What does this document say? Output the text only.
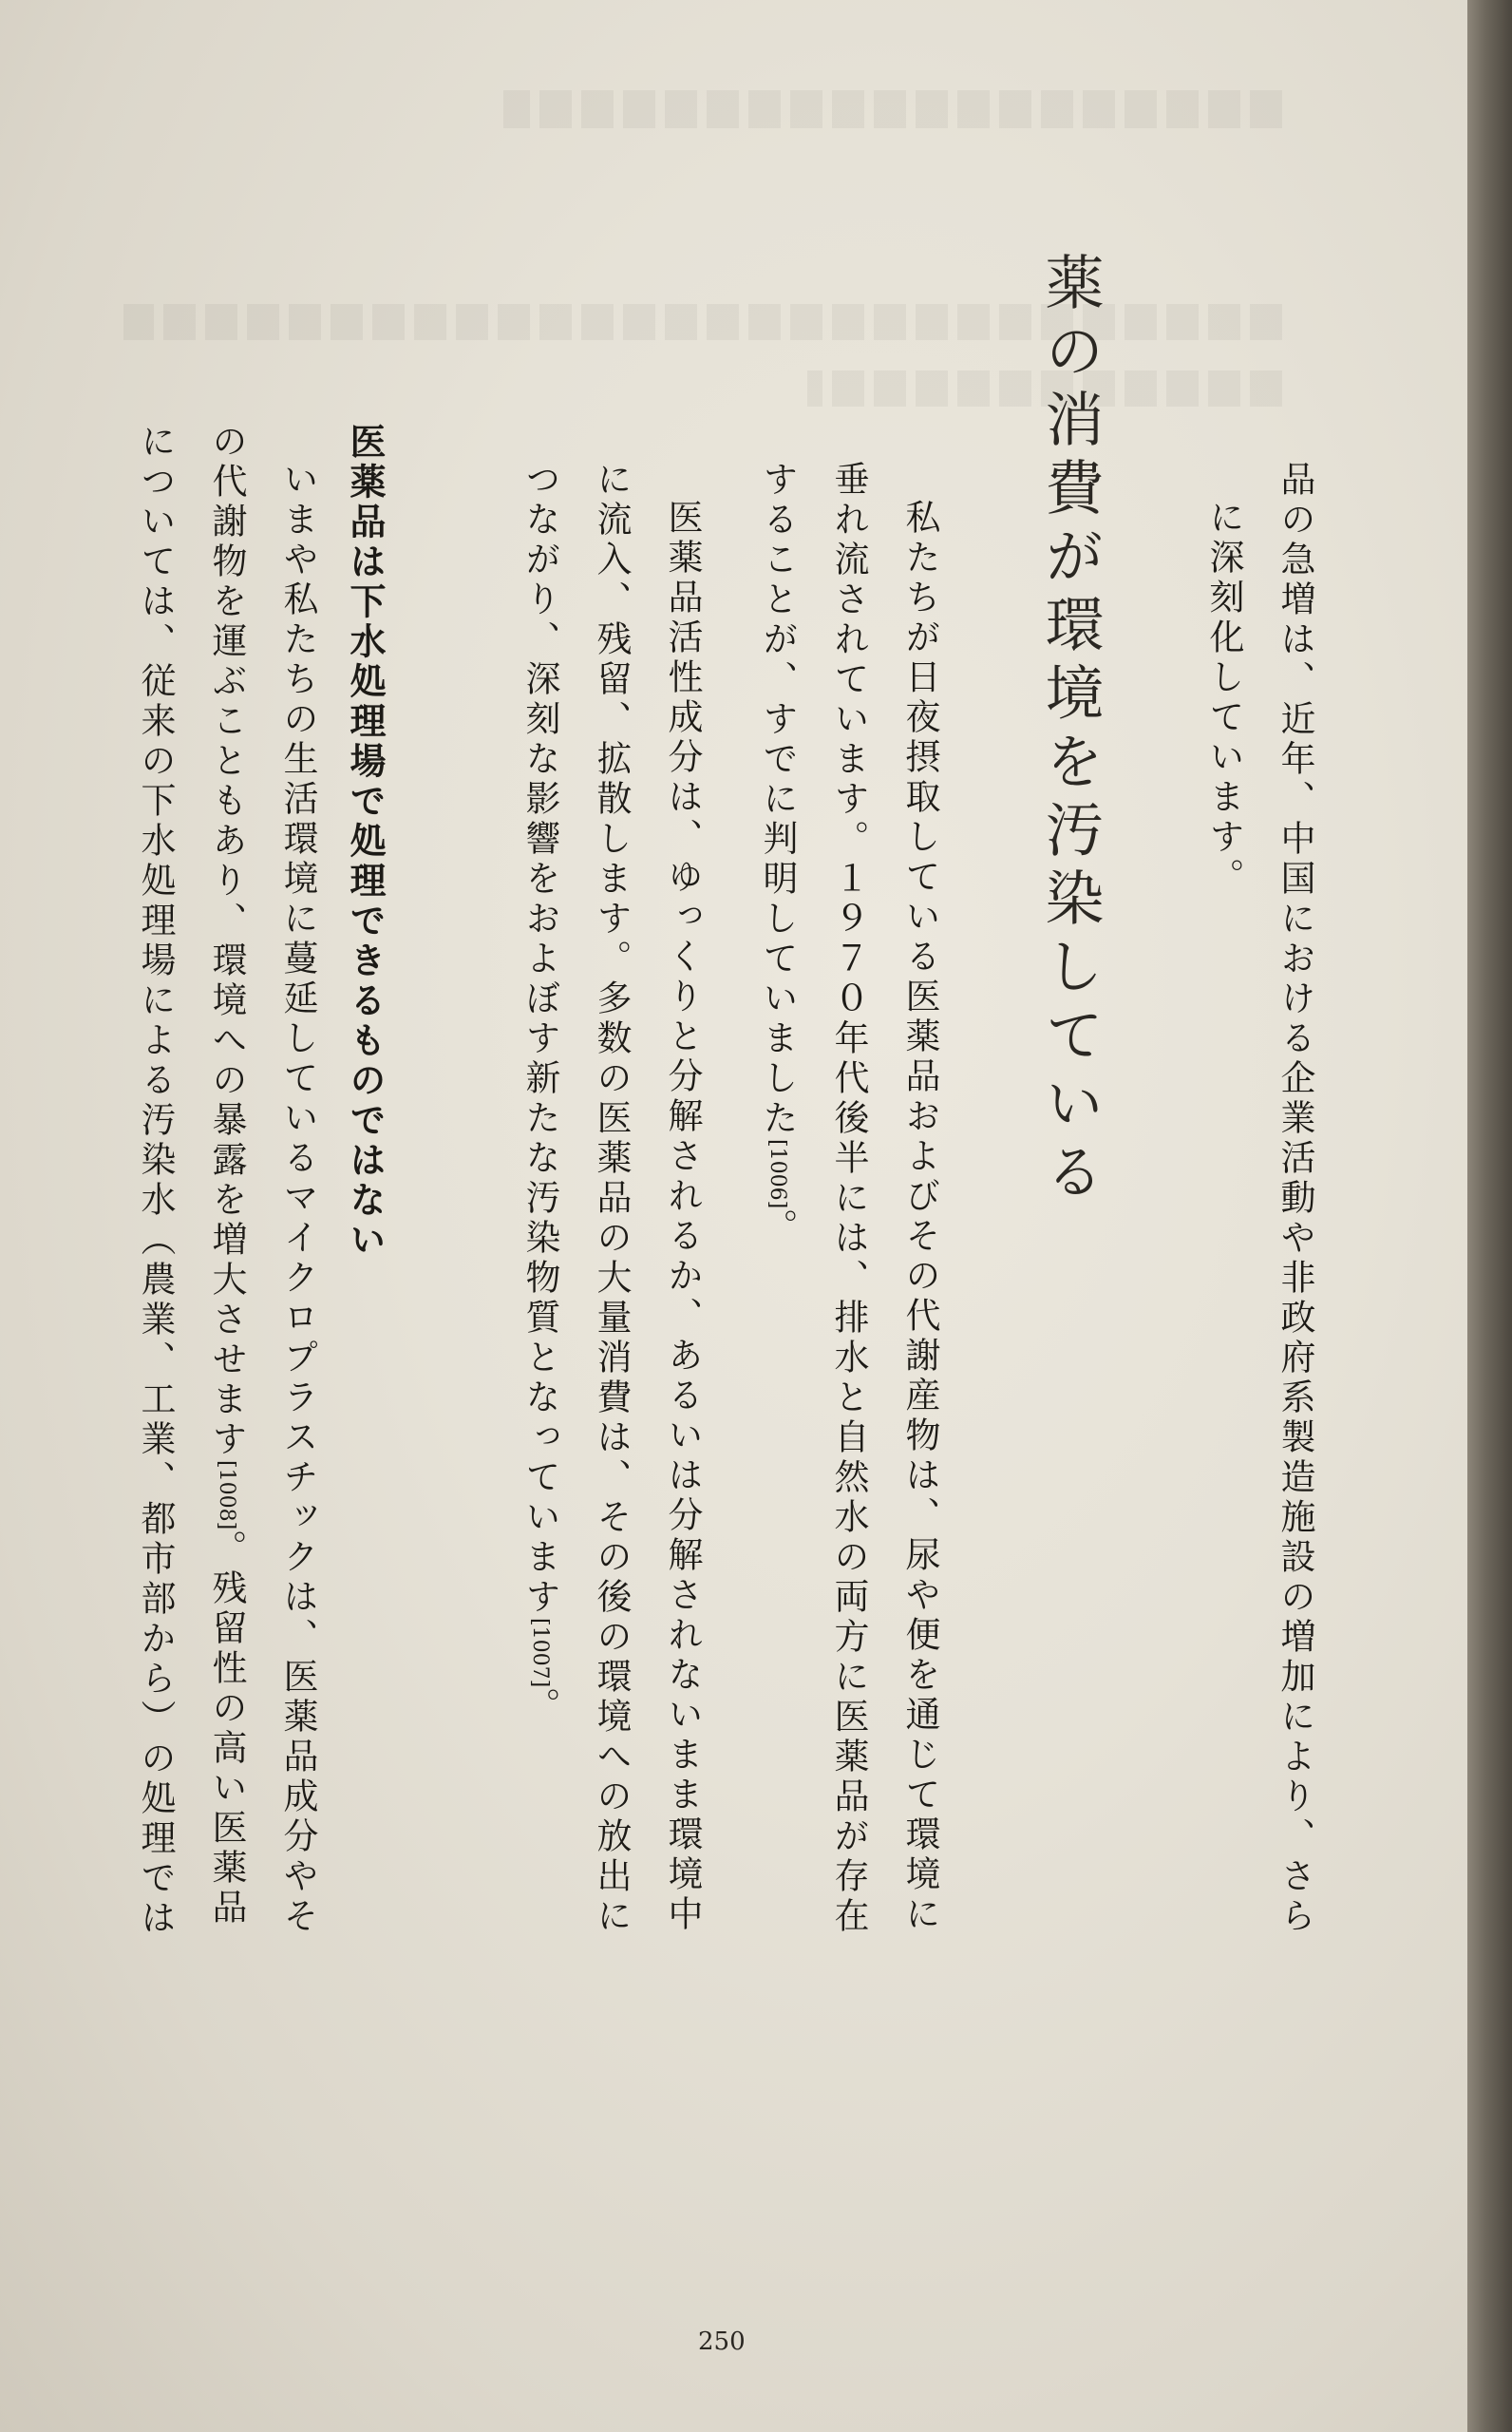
品の急増は、近年、中国における企業活動や非政府系製造施設の増加により、さら
に深刻化しています。
薬の消費が環境を汚染している
私たちが日夜摂取している医薬品およびその代謝産物は、尿や便を通じて環境に
垂れ流されています。１９７０年代後半には、排水と自然水の両方に医薬品が存在
することが、すでに判明していました[1006]。
医薬品活性成分は、ゆっくりと分解されるか、あるいは分解されないまま環境中
に流入、残留、拡散します。多数の医薬品の大量消費は、その後の環境への放出に
つながり、深刻な影響をおよぼす新たな汚染物質となっています[1007]。
医薬品は下水処理場で処理できるものではない
いまや私たちの生活環境に蔓延しているマイクロプラスチックは、医薬品成分やそ
の代謝物を運ぶこともあり、環境への暴露を増大させます[1008]。残留性の高い医薬品
については、従来の下水処理場による汚染水（農業、工業、都市部から）の処理では
250
